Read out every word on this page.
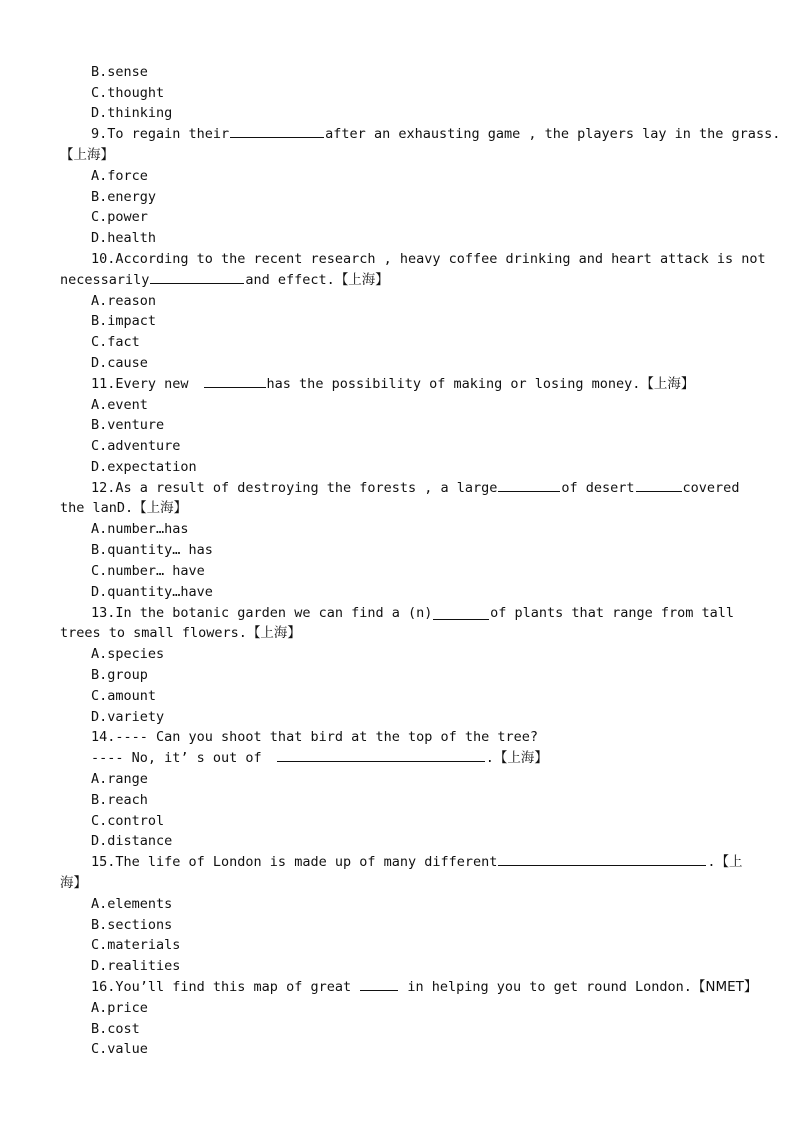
B.sense
C.thought
D.thinking
9.To regain their	after an exhausting game , the players lay in the grass.
【上海】
A.force
B.energy
C.power
D.health
10.According to the recent research , heavy coffee drinking and heart attack is not
necessarily	and effect.【上海】
A.reason
B.impact
C.fact
D.cause
11.Every new	has the possibility of making or losing money.【上海】
A.event
B.venture
C.adventure
D.expectation
12.As a result of destroying the forests , a large	of desert	covered
the lanD.【上海】
A.number…has
B.quantity… has
C.number… have
D.quantity…have
13.In the botanic garden we can find a (n)	of plants that range from tall
trees to small flowers.【上海】
A.species
B.group
C.amount
D.variety
14.---- Can you shoot that bird at the top of the tree?
---- No, it’ s out of	.【上海】
A.range
B.reach
C.control
D.distance
15.The life of London is made up of many different	.【上
海】
A.elements
B.sections
C.materials
D.realities
16.You’ll find this map of great	in helping you to get round London.【NMET】
A.price
B.cost
C.value
